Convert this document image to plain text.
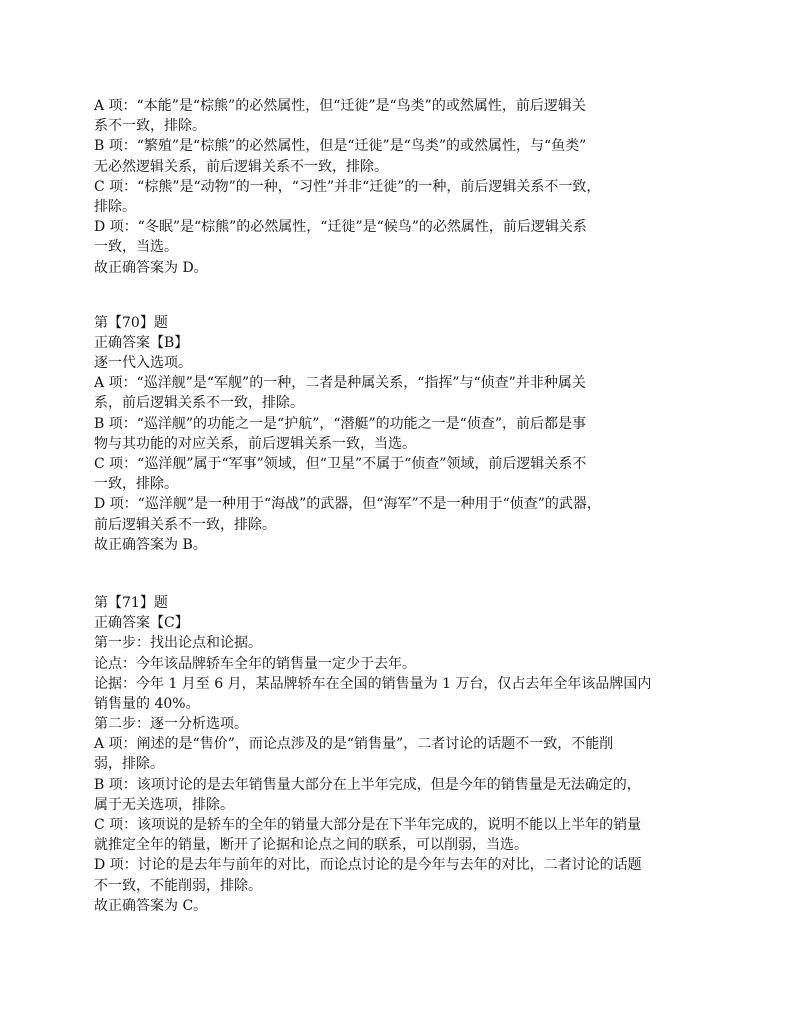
A 项：“本能”是“棕熊”的必然属性，但“迁徙”是“鸟类”的或然属性，前后逻辑关
系不一致，排除。
B 项：“繁殖”是“棕熊”的必然属性，但是“迁徙”是“鸟类”的或然属性，与“鱼类”
无必然逻辑关系，前后逻辑关系不一致，排除。
C 项：“棕熊”是“动物”的一种，“习性”并非“迁徙”的一种，前后逻辑关系不一致，
排除。
D 项：“冬眠”是“棕熊”的必然属性，“迁徙”是“候鸟”的必然属性，前后逻辑关系
一致，当选。
故正确答案为 D。
第【70】题
正确答案【B】
逐一代入选项。
A 项：“巡洋舰”是“军舰”的一种，二者是种属关系，“指挥”与“侦查”并非种属关
系，前后逻辑关系不一致，排除。
B 项：“巡洋舰”的功能之一是“护航”，“潜艇”的功能之一是“侦查”，前后都是事
物与其功能的对应关系，前后逻辑关系一致，当选。
C 项：“巡洋舰”属于“军事”领域，但“卫星”不属于“侦查”领域，前后逻辑关系不
一致，排除。
D 项：“巡洋舰”是一种用于“海战”的武器，但“海军”不是一种用于“侦查”的武器，
前后逻辑关系不一致，排除。
故正确答案为 B。
第【71】题
正确答案【C】
第一步：找出论点和论据。
论点：今年该品牌轿车全年的销售量一定少于去年。
论据：今年 1 月至 6 月，某品牌轿车在全国的销售量为 1 万台，仅占去年全年该品牌国内
销售量的 40%。
第二步：逐一分析选项。
A 项：阐述的是“售价”，而论点涉及的是“销售量”，二者讨论的话题不一致，不能削
弱，排除。
B 项：该项讨论的是去年销售量大部分在上半年完成，但是今年的销售量是无法确定的，
属于无关选项，排除。
C 项：该项说的是轿车的全年的销量大部分是在下半年完成的，说明不能以上半年的销量
就推定全年的销量，断开了论据和论点之间的联系，可以削弱，当选。
D 项：讨论的是去年与前年的对比，而论点讨论的是今年与去年的对比，二者讨论的话题
不一致，不能削弱，排除。
故正确答案为 C。
